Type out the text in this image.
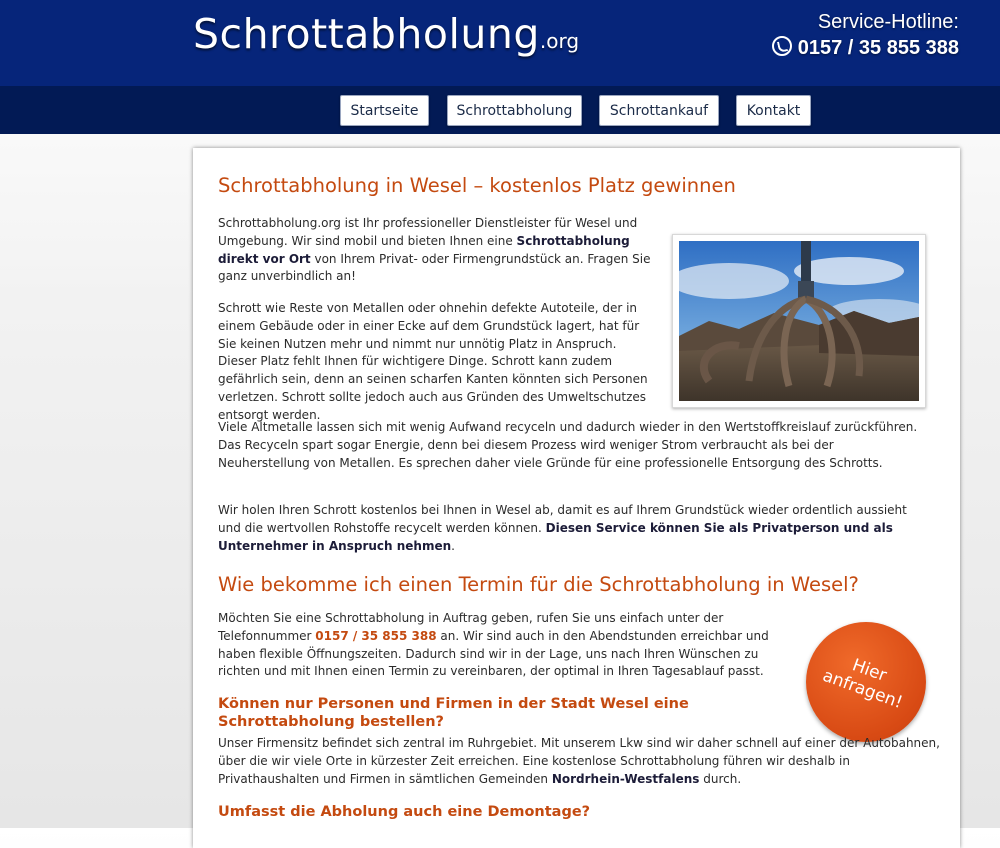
Schrottabholung.org
Service-Hotline:
0157 / 35 855 388
Startseite	Schrottabholung	Schrottankauf	Kontakt
Schrottabholung in Wesel – kostenlos Platz gewinnen

Schrottabholung.org ist Ihr professioneller Dienstleister für Wesel und Umgebung. Wir sind mobil und bieten Ihnen eine Schrottabholung direkt vor Ort von Ihrem Privat- oder Firmengrundstück an. Fragen Sie ganz unverbindlich an!

Schrott wie Reste von Metallen oder ohnehin defekte Autoteile, der in einem Gebäude oder in einer Ecke auf dem Grundstück lagert, hat für Sie keinen Nutzen mehr und nimmt nur unnötig Platz in Anspruch. Dieser Platz fehlt Ihnen für wichtigere Dinge. Schrott kann zudem gefährlich sein, denn an seinen scharfen Kanten könnten sich Personen verletzen. Schrott sollte jedoch auch aus Gründen des Umweltschutzes entsorgt werden.

Viele Altmetalle lassen sich mit wenig Aufwand recyceln und dadurch wieder in den Wertstoffkreislauf zurückführen. Das Recyceln spart sogar Energie, denn bei diesem Prozess wird weniger Strom verbraucht als bei der Neuherstellung von Metallen. Es sprechen daher viele Gründe für eine professionelle Entsorgung des Schrotts.

Wir holen Ihren Schrott kostenlos bei Ihnen in Wesel ab, damit es auf Ihrem Grundstück wieder ordentlich aussieht und die wertvollen Rohstoffe recycelt werden können. Diesen Service können Sie als Privatperson und als Unternehmer in Anspruch nehmen.

Wie bekomme ich einen Termin für die Schrottabholung in Wesel?

Möchten Sie eine Schrottabholung in Auftrag geben, rufen Sie uns einfach unter der Telefonnummer 0157 / 35 855 388 an. Wir sind auch in den Abendstunden erreichbar und haben flexible Öffnungszeiten. Dadurch sind wir in der Lage, uns nach Ihren Wünschen zu richten und mit Ihnen einen Termin zu vereinbaren, der optimal in Ihren Tagesablauf passt.	Hier anfragen!
Können nur Personen und Firmen in der Stadt Wesel eine Schrottabholung bestellen?

Unser Firmensitz befindet sich zentral im Ruhrgebiet. Mit unserem Lkw sind wir daher schnell auf einer der Autobahnen, über die wir viele Orte in kürzester Zeit erreichen. Eine kostenlose Schrottabholung führen wir deshalb in Privathaushalten und Firmen in sämtlichen Gemeinden Nordrhein-Westfalens durch.

Umfasst die Abholung auch eine Demontage?
